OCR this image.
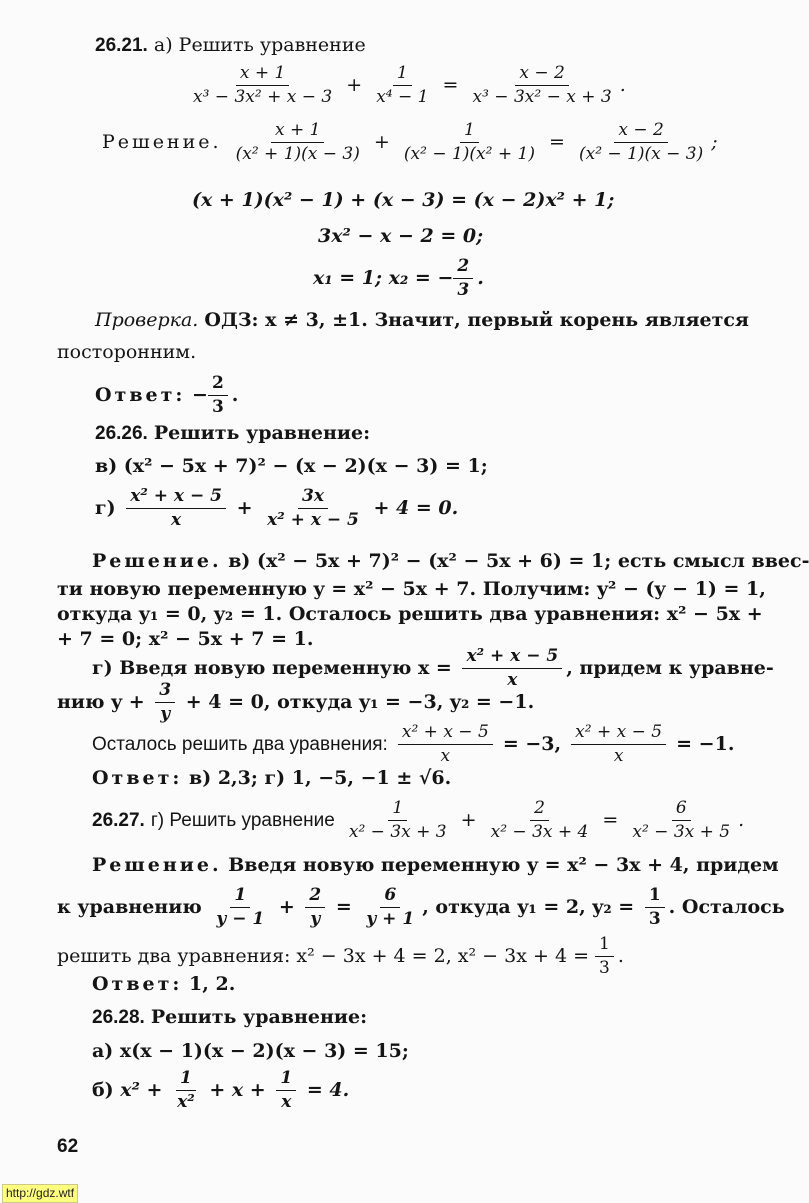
26.21. а) Решить уравнение
$\frac{x + 1}{\text{x³ − 3x² + x − 3}} + \frac{1}{\text{x⁴ − 1}} = \frac{x - 2}{\text{x³ − 3x² − x + 3}}$ .
Решение. $\frac{x + 1}{\text{(x² + 1)(x − 3)}} + \frac{1}{\text{(x² − 1)(x² + 1)}} = \frac{x - 2}{\text{(x² − 1)(x − 3)}}$ ;
(x + 1)(x² − 1) + (x − 3) = (x − 2)x² + 1;
3x² − x − 2 = 0;
x₁ = 1; x₂ = − $\frac{2}{3}$ .
Проверка. ОДЗ: x ≠ 3, ±1. Значит, первый корень является
посторонним.
Ответ: − $\frac{2}{3}$ .
26.26. Решить уравнение:
в) (x² − 5x + 7)² − (x − 2)(x − 3) = 1;
$г) \frac{\text{x² + x − 5}}{x} + \frac{3x}{\text{x² + x − 5}} + 4 = 0$.
Решение. в) (x² − 5x + 7)² − (x² − 5x + 6) = 1; есть смысл ввес-
ти новую переменную y = x² − 5x + 7. Получим: y² − (y − 1) = 1,
откуда y₁ = 0, y₂ = 1. Осталось решить два уравнения: x² − 5x +
+ 7 = 0; x² − 5x + 7 = 1.
г) Введя новую переменную $x = \frac{\text{x² + x − 5}}{x}$ , придем к уравне-
нию $y + \frac{3}{y} + 4 = 0$, откуда y₁ = −3, y₂ = −1.
Осталось решить два уравнения: $\frac{\text{x² + x − 5}}{x} = -3$, $\frac{\text{x² + x − 5}}{x} = -1$.
Ответ: в) 2,3; г) 1, −5, −1 ± √6.
26.27. г) Решить уравнение $\frac{1}{\text{x² − 3x + 3}} + \frac{2}{\text{x² − 3x + 4}} = \frac{6}{\text{x² − 3x + 5}}$ .
Решение. Введя новую переменную y = x² − 3x + 4, придем
к уравнению $\frac{1}{y - 1} + \frac{2}{y} = \frac{6}{y + 1}$ , откуда y₁ = 2, $y_2 = \frac{1}{3}$ . Осталось
решить два уравнения: x² − 3x + 4 = 2, $x^2 - 3x + 4 = \frac{1}{3}$ .
Ответ: 1, 2.
26.28. Решить уравнение:
а) x(x − 1)(x − 2)(x − 3) = 15;
б) $x^2 + \frac{1}{\text{x²}} + x + \frac{1}{x} = 4$.
62
http://gdz.wtf
